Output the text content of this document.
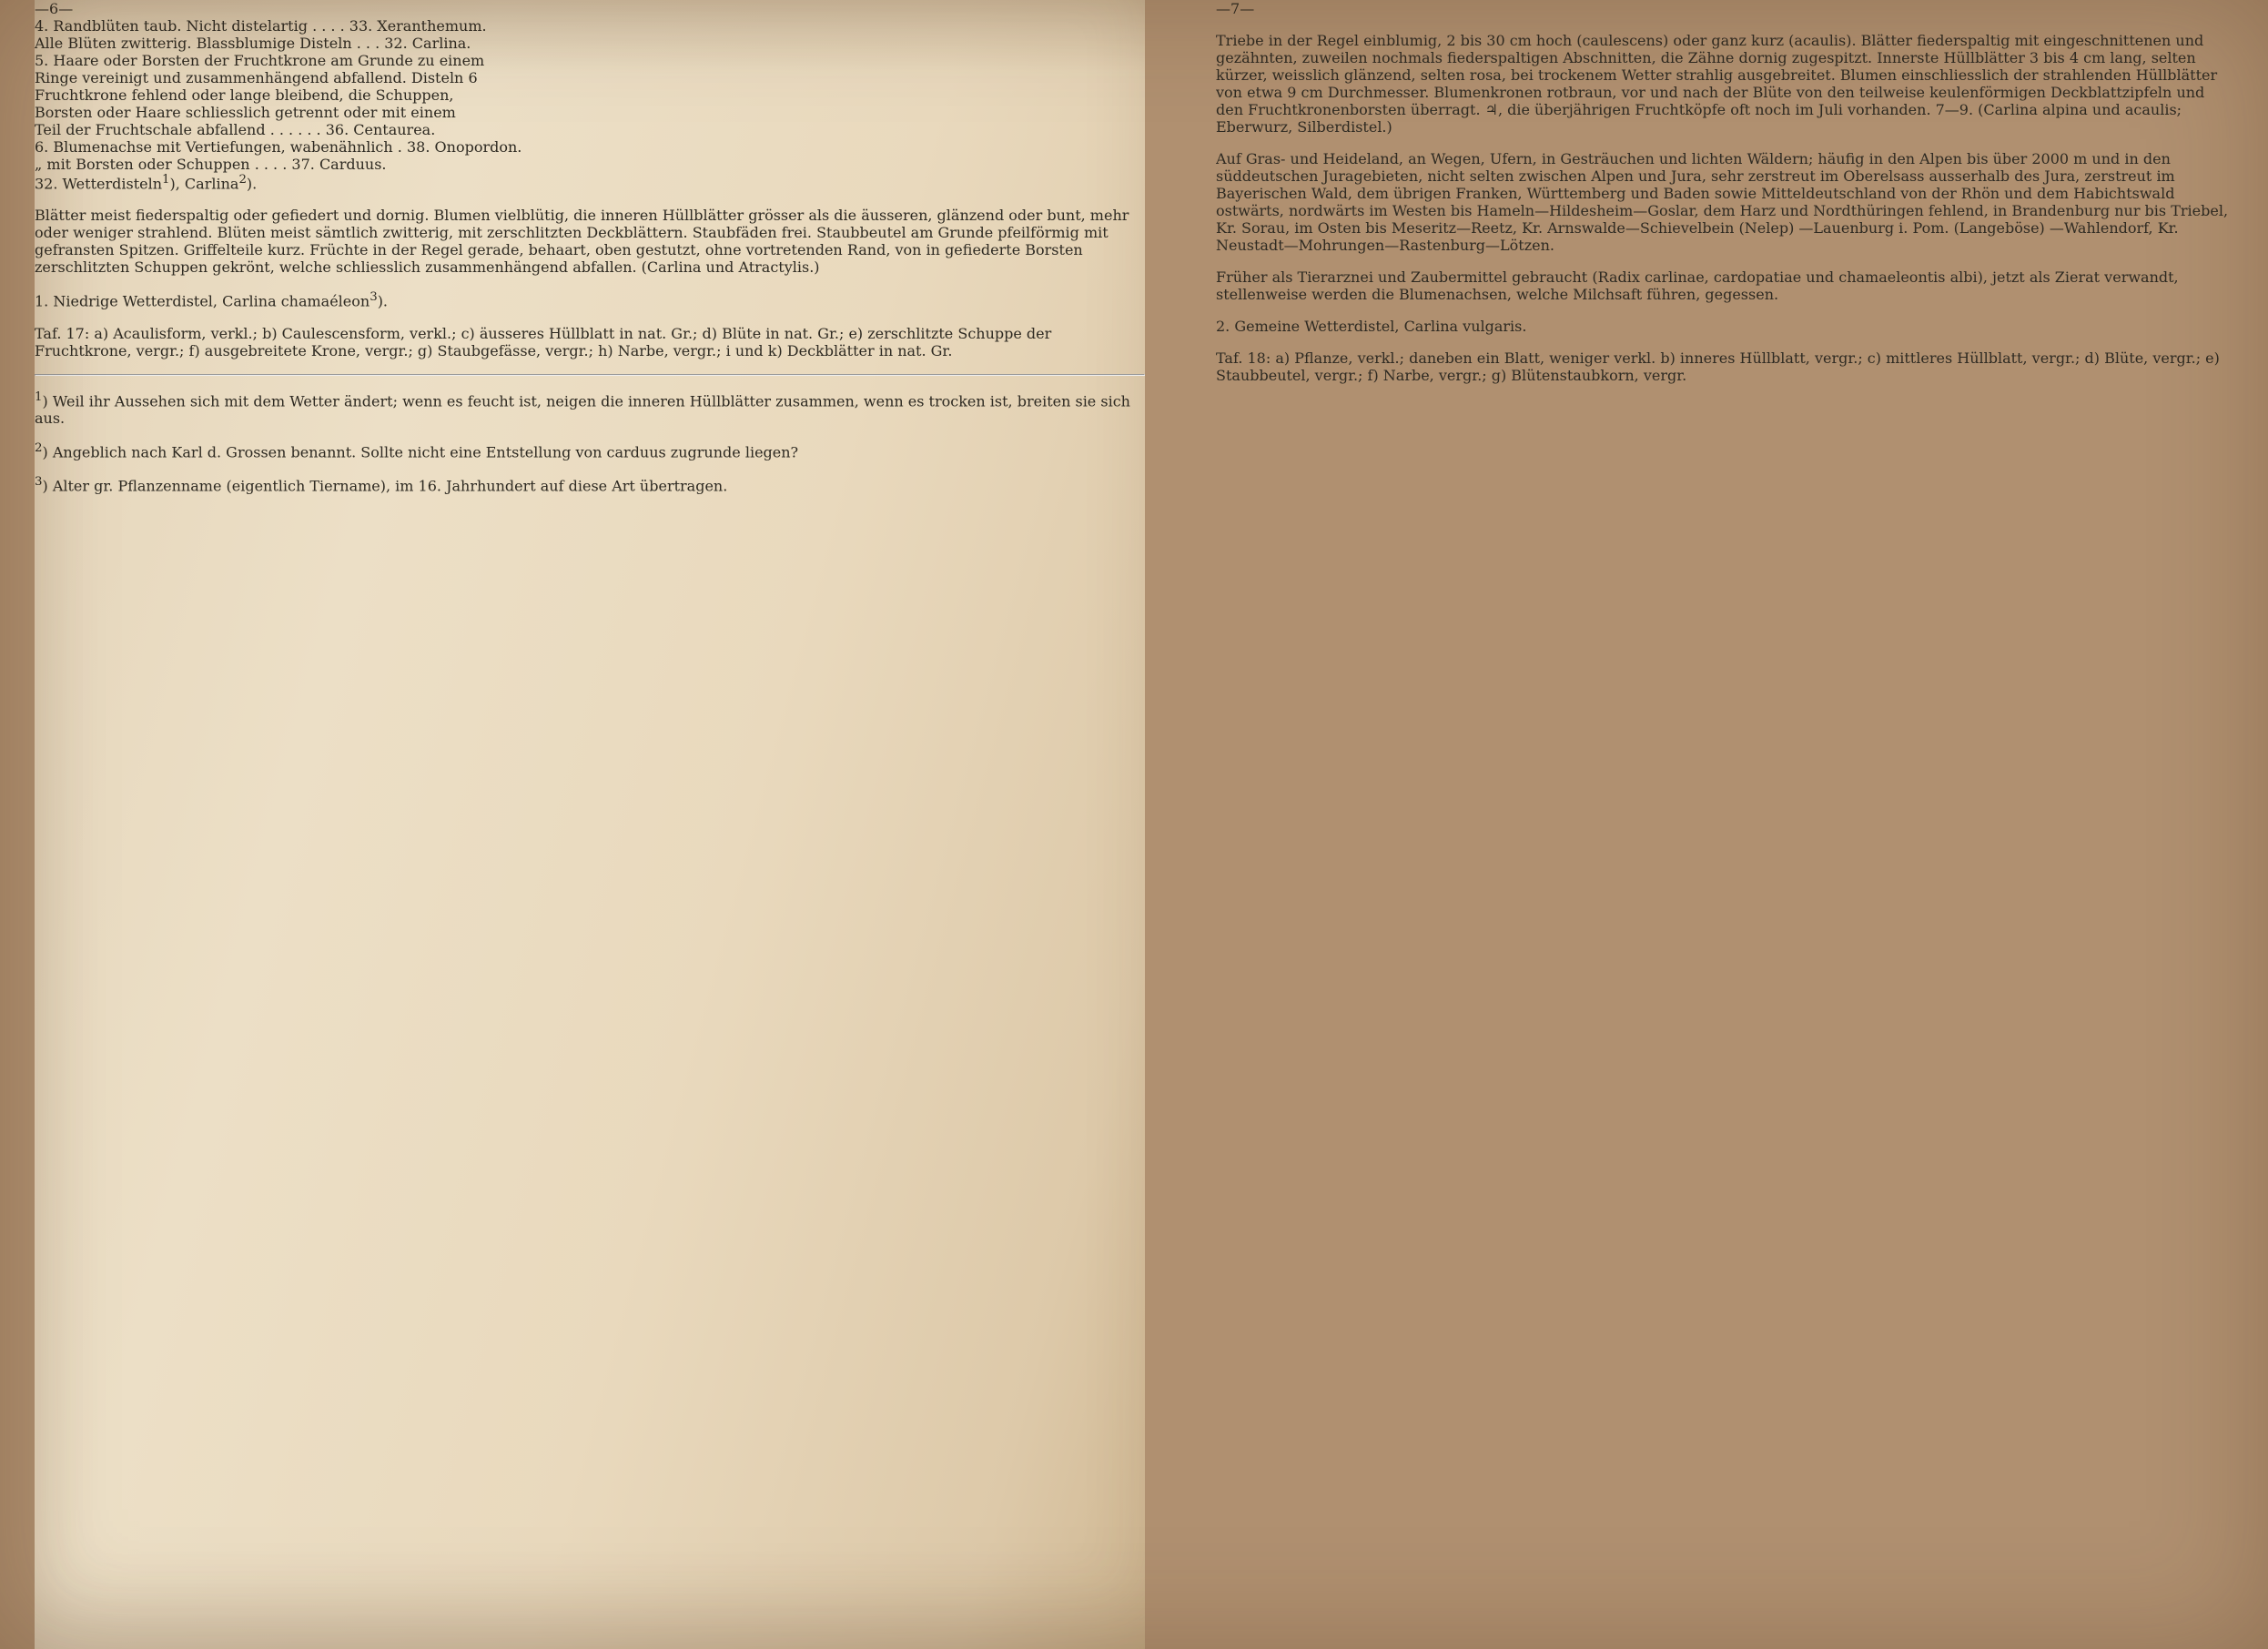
—6—
4. Randblüten taub. Nicht distelartig . . . . 33. Xeranthemum.
Alle Blüten zwitterig. Blassblumige Disteln . . . 32. Carlina.
5. Haare oder Borsten der Fruchtkrone am Grunde zu einem
Ringe vereinigt und zusammenhängend abfallend. Disteln 6
Fruchtkrone fehlend oder lange bleibend, die Schuppen,
Borsten oder Haare schliesslich getrennt oder mit einem
Teil der Fruchtschale abfallend . . . . . . 36. Centaurea.
6. Blumenachse mit Vertiefungen, wabenähnlich . 38. Onopordon.
„ mit Borsten oder Schuppen . . . . 37. Carduus.
32. Wetterdisteln$^1$), Carlina$^2$).

Blätter meist fiederspaltig oder gefiedert und dornig. Blumen vielblütig, die inneren Hüllblätter grösser als die äusseren, glänzend oder bunt, mehr oder weniger strahlend. Blüten meist sämtlich zwitterig, mit zerschlitzten Deckblättern. Staubfäden frei. Staubbeutel am Grunde pfeilförmig mit gefransten Spitzen. Griffelteile kurz. Früchte in der Regel gerade, behaart, oben gestutzt, ohne vortretenden Rand, von in gefiederte Borsten zerschlitzten Schuppen gekrönt, welche schliesslich zusammenhängend abfallen. (Carlina und Atractylis.)

1. Niedrige Wetterdistel, Carlina chamaéleon$^3$).

Taf. 17: a) Acaulisform, verkl.; b) Caulescensform, verkl.; c) äusseres Hüllblatt in nat. Gr.; d) Blüte in nat. Gr.; e) zerschlitzte Schuppe der Fruchtkrone, vergr.; f) ausgebreitete Krone, vergr.; g) Staubgefässe, vergr.; h) Narbe, vergr.; i und k) Deckblätter in nat. Gr.

$^1$) Weil ihr Aussehen sich mit dem Wetter ändert; wenn es feucht ist, neigen die inneren Hüllblätter zusammen, wenn es trocken ist, breiten sie sich aus.

$^2$) Angeblich nach Karl d. Grossen benannt. Sollte nicht eine Entstellung von carduus zugrunde liegen?

$^3$) Alter gr. Pflanzenname (eigentlich Tiername), im 16. Jahrhundert auf diese Art übertragen.

—7—

Triebe in der Regel einblumig, 2 bis 30 cm hoch (caulescens) oder ganz kurz (acaulis). Blätter fiederspaltig mit eingeschnittenen und gezähnten, zuweilen nochmals fiederspaltigen Abschnitten, die Zähne dornig zugespitzt. Innerste Hüllblätter 3 bis 4 cm lang, selten kürzer, weisslich glänzend, selten rosa, bei trockenem Wetter strahlig ausgebreitet. Blumen einschliesslich der strahlenden Hüllblätter von etwa 9 cm Durchmesser. Blumenkronen rotbraun, vor und nach der Blüte von den teilweise keulenförmigen Deckblattzipfeln und den Fruchtkronenborsten überragt. ♃, die überjährigen Fruchtköpfe oft noch im Juli vorhanden. 7—9. (Carlina alpina und acaulis; Eberwurz, Silberdistel.)

Auf Gras- und Heideland, an Wegen, Ufern, in Gesträuchen und lichten Wäldern; häufig in den Alpen bis über 2000 m und in den süddeutschen Juragebieten, nicht selten zwischen Alpen und Jura, sehr zerstreut im Oberelsass ausserhalb des Jura, zerstreut im Bayerischen Wald, dem übrigen Franken, Württemberg und Baden sowie Mitteldeutschland von der Rhön und dem Habichtswald ostwärts, nordwärts im Westen bis Hameln—Hildesheim—Goslar, dem Harz und Nordthüringen fehlend, in Brandenburg nur bis Triebel, Kr. Sorau, im Osten bis Meseritz—Reetz, Kr. Arnswalde—Schievelbein (Nelep) —Lauenburg i. Pom. (Langeböse) —Wahlendorf, Kr. Neustadt—Mohrungen—Rastenburg—Lötzen.

Früher als Tierarznei und Zaubermittel gebraucht (Radix carlinae, cardopatiae und chamaeleontis albi), jetzt als Zierat verwandt, stellenweise werden die Blumenachsen, welche Milchsaft führen, gegessen.

2. Gemeine Wetterdistel, Carlina vulgaris.

Taf. 18: a) Pflanze, verkl.; daneben ein Blatt, weniger verkl. b) inneres Hüllblatt, vergr.; c) mittleres Hüllblatt, vergr.; d) Blüte, vergr.; e) Staubbeutel, vergr.; f) Narbe, vergr.; g) Blütenstaubkorn, vergr.
